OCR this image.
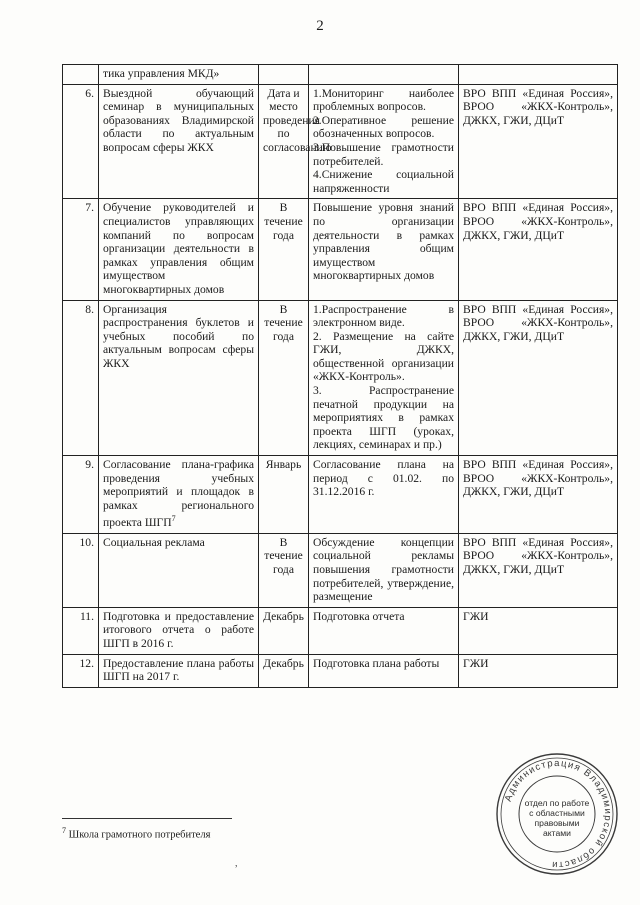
2
	тика управления МКД»			
6.	Выездной обучающий семинар в муниципальных образованиях Владимирской области по актуальным вопросам сферы ЖКХ	Дата и место проведения по согласованию	1.Мониторинг наиболее проблемных вопросов.
2.Оперативное решение обозначенных вопросов.
3.Повышение грамотности потребителей.
4.Снижение социальной напряженности	ВРО ВПП «Единая Россия», ВРОО «ЖКХ-Контроль», ДЖКХ, ГЖИ, ДЦиТ
7.	Обучение руководителей и специалистов управляющих компаний по вопросам организации деятельности в рамках управления общим имуществом многоквартирных домов	В течение года	Повышение уровня знаний по организации деятельности в рамках управления общим имуществом многоквартирных домов	ВРО ВПП «Единая Россия», ВРОО «ЖКХ-Контроль», ДЖКХ, ГЖИ, ДЦиТ
8.	Организация распространения буклетов и учебных пособий по актуальным вопросам сферы ЖКХ	В течение года	1.Распространение в электронном виде.
2. Размещение на сайте ГЖИ, ДЖКХ, общественной организации «ЖКХ-Контроль».
3. Распространение печатной продукции на мероприятиях в рамках проекта ШГП (уроках, лекциях, семинарах и пр.)	ВРО ВПП «Единая Россия», ВРОО «ЖКХ-Контроль», ДЖКХ, ГЖИ, ДЦиТ
9.	Согласование плана-графика проведения учебных мероприятий и площадок в рамках регионального проекта ШГП$^7$	Январь	Согласование плана на период с 01.02. по 31.12.2016 г.	ВРО ВПП «Единая Россия», ВРОО «ЖКХ-Контроль», ДЖКХ, ГЖИ, ДЦиТ
10.	Социальная реклама	В течение года	Обсуждение концепции социальной рекламы повышения грамотности потребителей, утверждение, размещение	ВРО ВПП «Единая Россия», ВРОО «ЖКХ-Контроль», ДЖКХ, ГЖИ, ДЦиТ
11.	Подготовка и предоставление итогового отчета о работе ШГП в 2016 г.	Декабрь	Подготовка отчета	ГЖИ
12.	Предоставление плана работы ШГП на 2017 г.	Декабрь	Подготовка плана работы	ГЖИ
$^7$ Школа грамотного потребителя
Администрация Владимирской области
отдел по работе
с областными
правовыми
актами
,
